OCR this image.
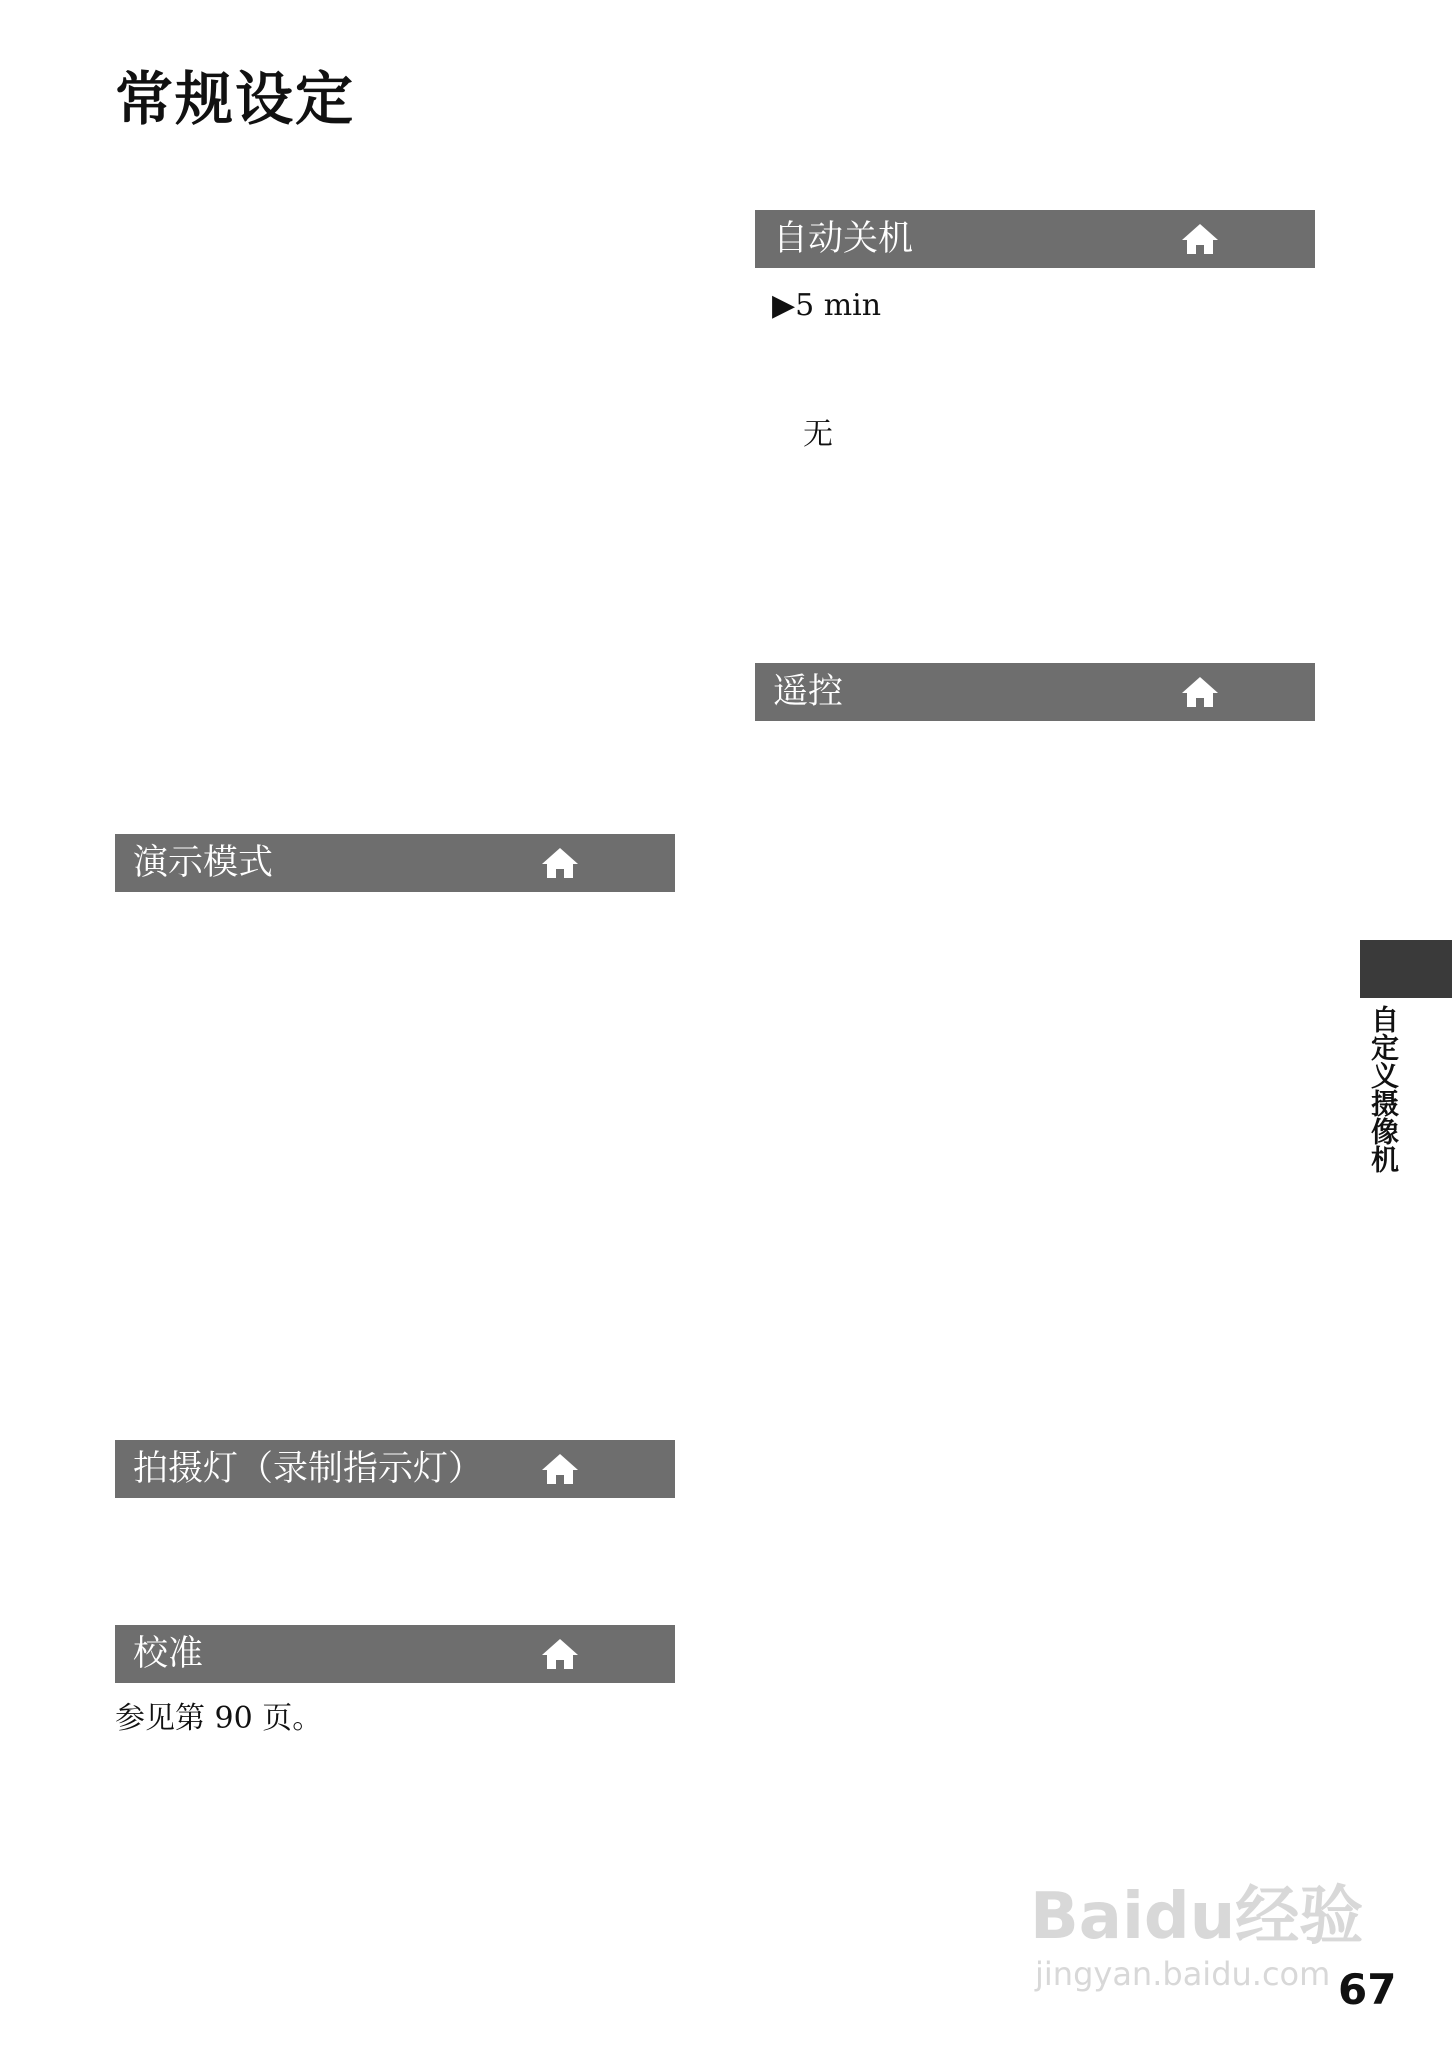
常规设定
演示模式
拍摄灯（录制指示灯）
校准
参见第 90 页。
自动关机
▶5 min
无
遥控
自定义摄像机
Baidu经验
jingyan.baidu.com 67
